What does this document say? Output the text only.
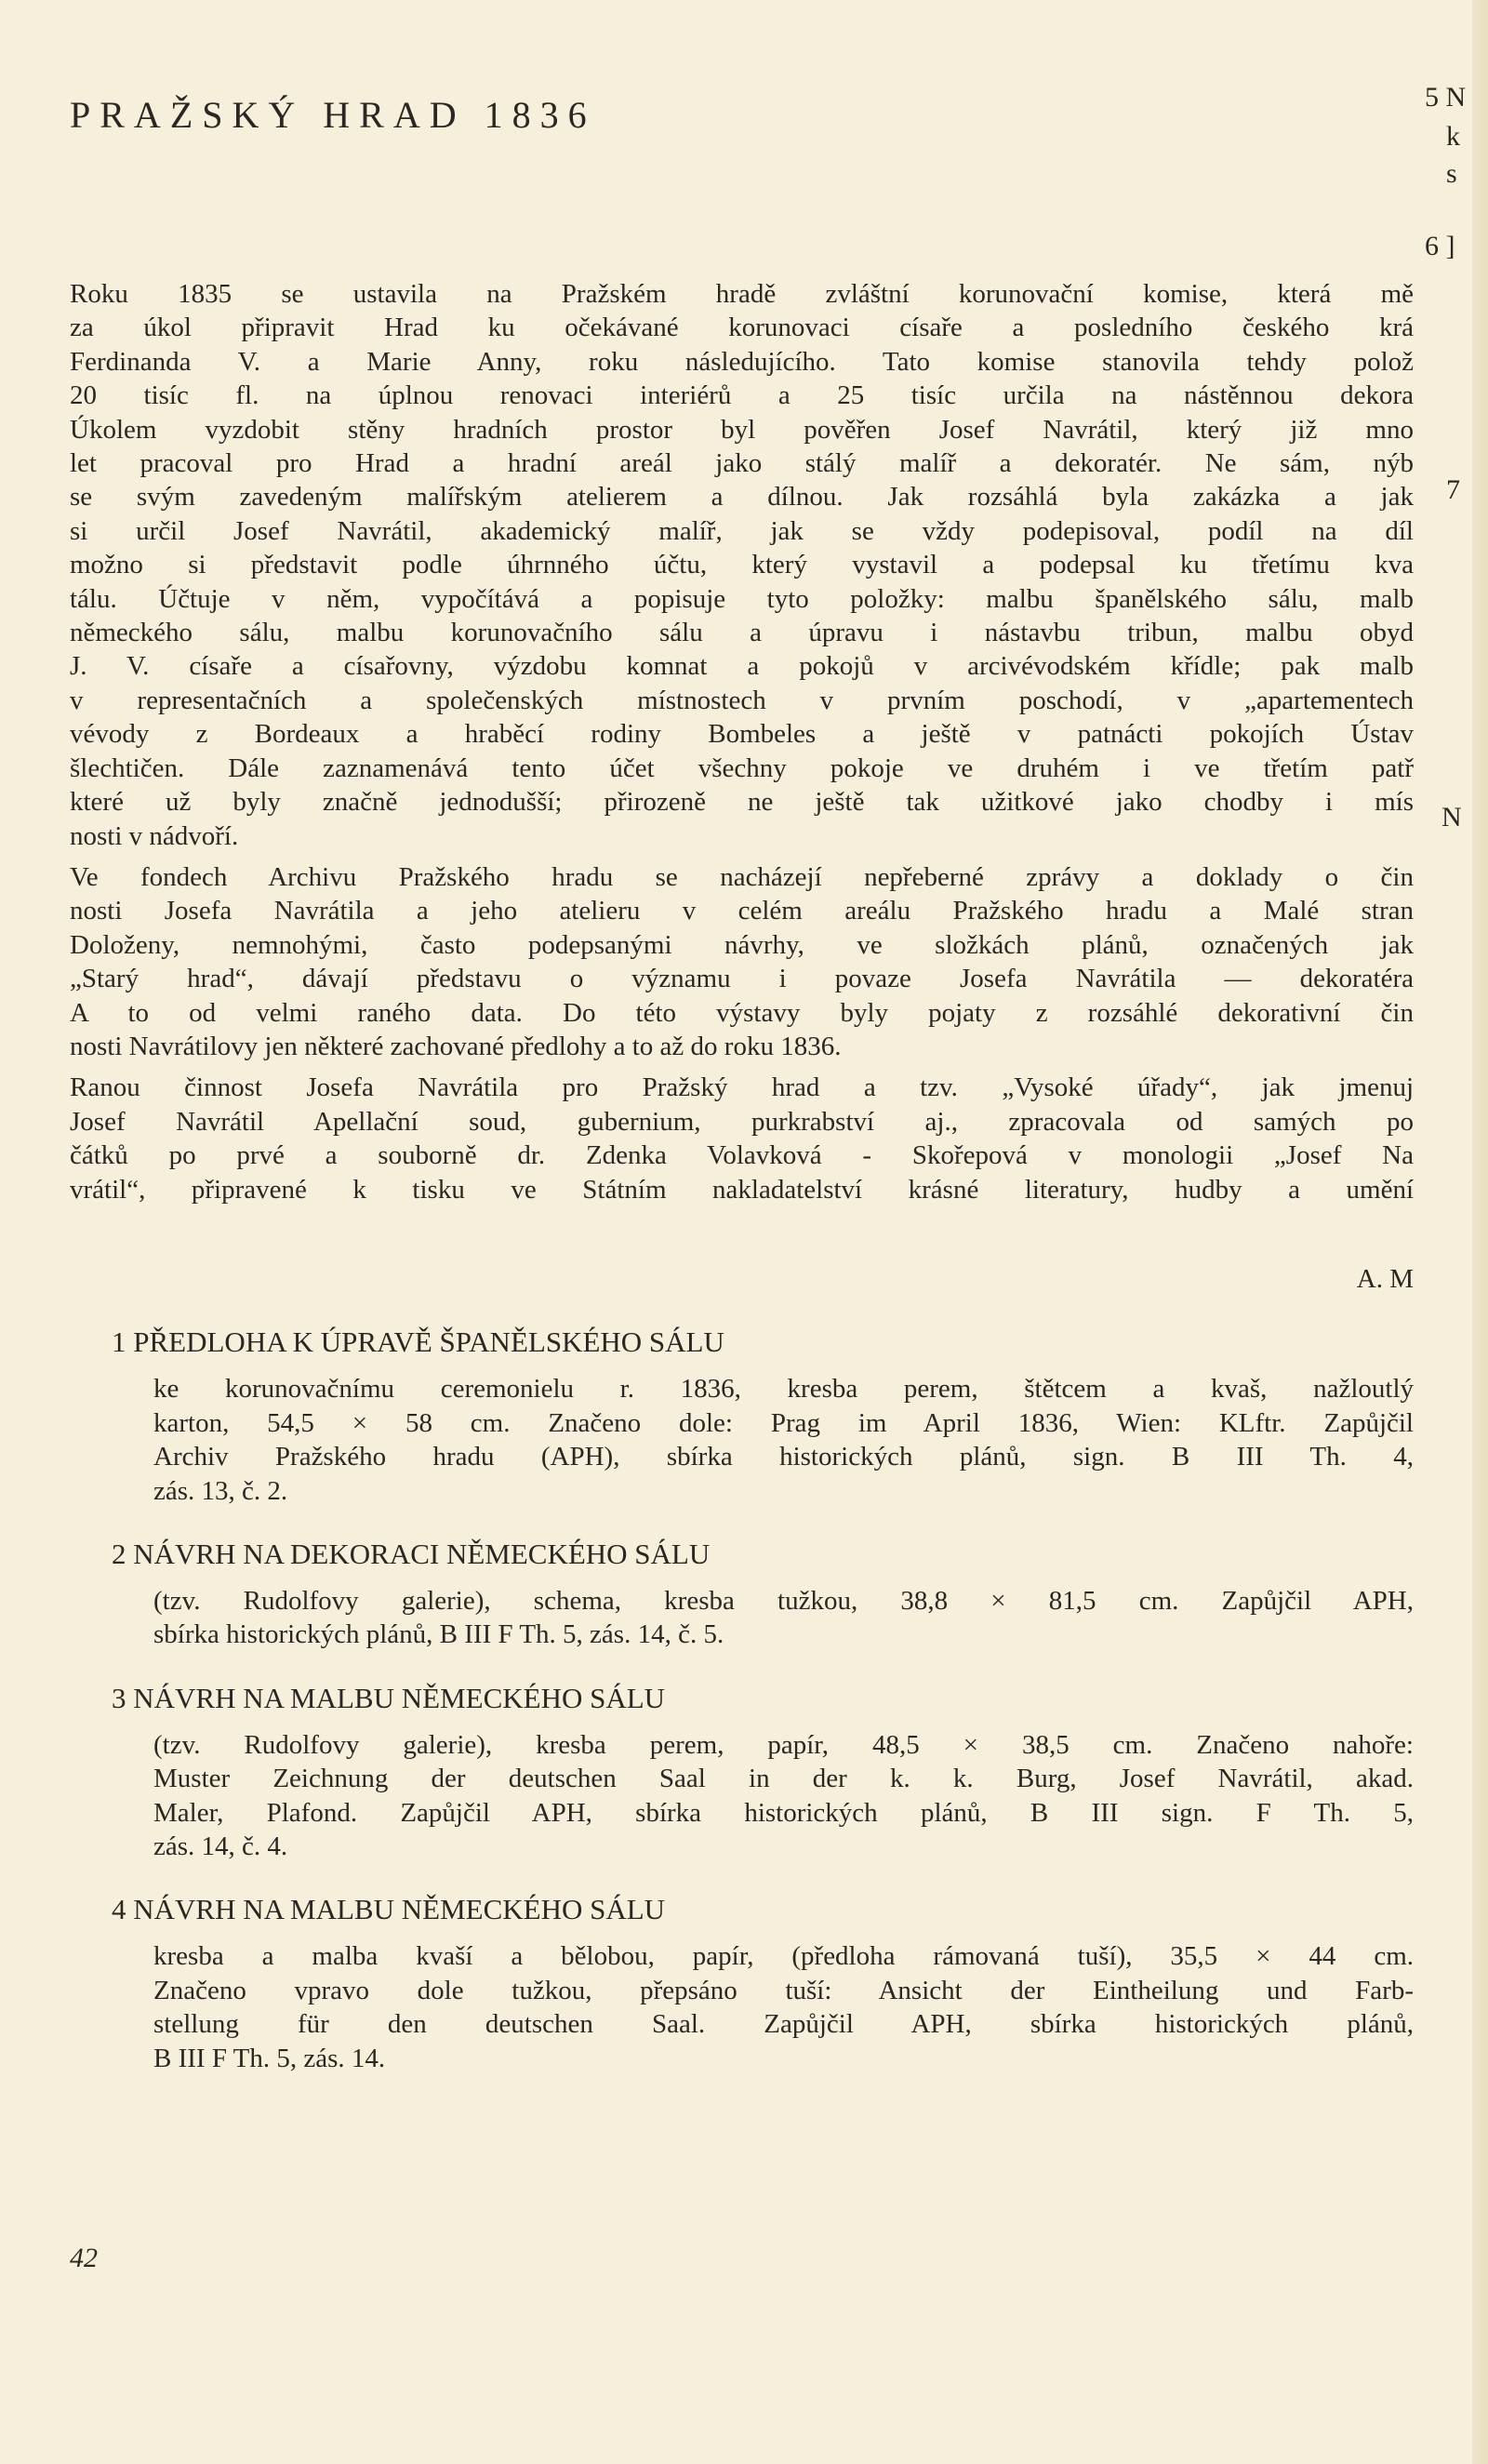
PRAŽSKÝ HRAD 1836
Roku 1835 se ustavila na Pražském hradě zvláštní korunovační komise, která mě
za úkol připravit Hrad ku očekávané korunovaci císaře a posledního českého krá
Ferdinanda V. a Marie Anny, roku následujícího. Tato komise stanovila tehdy polož
20 tisíc fl. na úplnou renovaci interiérů a 25 tisíc určila na nástěnnou dekora
Úkolem vyzdobit stěny hradních prostor byl pověřen Josef Navrátil, který již mno
let pracoval pro Hrad a hradní areál jako stálý malíř a dekoratér. Ne sám, nýb
se svým zavedeným malířským atelierem a dílnou. Jak rozsáhlá byla zakázka a jak
si určil Josef Navrátil, akademický malíř, jak se vždy podepisoval, podíl na díl
možno si představit podle úhrnného účtu, který vystavil a podepsal ku třetímu kva
tálu. Účtuje v něm, vypočítává a popisuje tyto položky: malbu španělského sálu, malb
německého sálu, malbu korunovačního sálu a úpravu i nástavbu tribun, malbu obyd
J. V. císaře a císařovny, výzdobu komnat a pokojů v arcivévodském křídle; pak malb
v representačních a společenských místnostech v prvním poschodí, v „apartementech
vévody z Bordeaux a hraběcí rodiny Bombeles a ještě v patnácti pokojích Ústav
šlechtičen. Dále zaznamenává tento účet všechny pokoje ve druhém i ve třetím patř
které už byly značně jednodušší; přirozeně ne ještě tak užitkové jako chodby i mís
nosti v nádvoří.
Ve fondech Archivu Pražského hradu se nacházejí nepřeberné zprávy a doklady o čin
nosti Josefa Navrátila a jeho atelieru v celém areálu Pražského hradu a Malé stran
Doloženy, nemnohými, často podepsanými návrhy, ve složkách plánů, označených jak
„Starý hrad“, dávají představu o významu i povaze Josefa Navrátila — dekoratéra
A to od velmi raného data. Do této výstavy byly pojaty z rozsáhlé dekorativní čin
nosti Navrátilovy jen některé zachované předlohy a to až do roku 1836.
Ranou činnost Josefa Navrátila pro Pražský hrad a tzv. „Vysoké úřady“, jak jmenuj
Josef Navrátil Apellační soud, gubernium, purkrabství aj., zpracovala od samých po
čátků po prvé a souborně dr. Zdenka Volavková - Skořepová v monologii „Josef Na
vrátil“, připravené k tisku ve Státním nakladatelství krásné literatury, hudby a umění
A. M
1 PŘEDLOHA K ÚPRAVĚ ŠPANĚLSKÉHO SÁLU
ke korunovačnímu ceremonielu r. 1836, kresba perem, štětcem a kvaš, nažloutlý
karton, 54,5 × 58 cm. Značeno dole: Prag im April 1836, Wien: KLftr. Zapůjčil
Archiv Pražského hradu (APH), sbírka historických plánů, sign. B III Th. 4,
zás. 13, č. 2.
2 NÁVRH NA DEKORACI NĚMECKÉHO SÁLU
(tzv. Rudolfovy galerie), schema, kresba tužkou, 38,8 × 81,5 cm. Zapůjčil APH,
sbírka historických plánů, B III F Th. 5, zás. 14, č. 5.
3 NÁVRH NA MALBU NĚMECKÉHO SÁLU
(tzv. Rudolfovy galerie), kresba perem, papír, 48,5 × 38,5 cm. Značeno nahoře:
Muster Zeichnung der deutschen Saal in der k. k. Burg, Josef Navrátil, akad.
Maler, Plafond. Zapůjčil APH, sbírka historických plánů, B III sign. F Th. 5,
zás. 14, č. 4.
4 NÁVRH NA MALBU NĚMECKÉHO SÁLU
kresba a malba kvaší a bělobou, papír, (předloha rámovaná tuší), 35,5 × 44 cm.
Značeno vpravo dole tužkou, přepsáno tuší: Ansicht der Eintheilung und Farb-
stellung für den deutschen Saal. Zapůjčil APH, sbírka historických plánů,
B III F Th. 5, zás. 14.
42
5 N
k
s
6 ]
7
N
